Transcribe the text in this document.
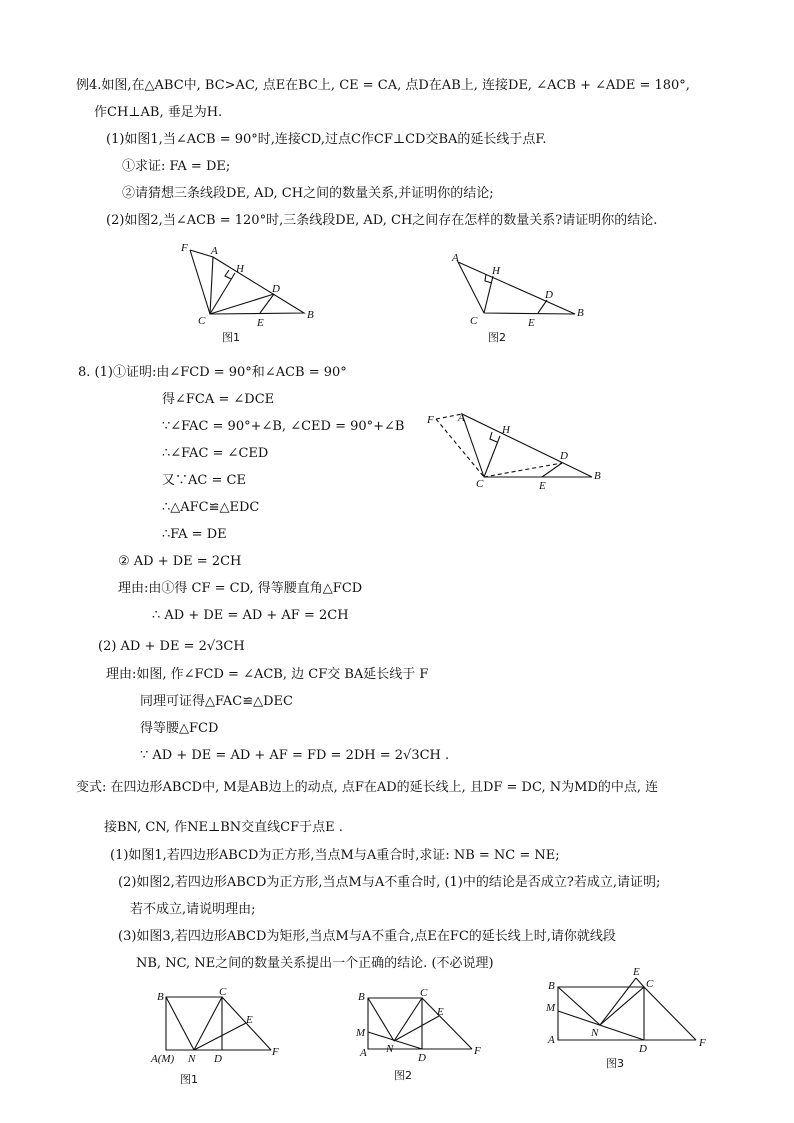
例4.如图,在△ABC中, BC>AC, 点E在BC上, CE = CA, 点D在AB上, 连接DE, ∠ACB + ∠ADE = 180°,
作CH⊥AB, 垂足为H.
(1)如图1,当∠ACB = 90°时,连接CD,过点C作CF⊥CD交BA的延长线于点F.
①求证: FA = DE;
②请猜想三条线段DE, AD, CH之间的数量关系,并证明你的结论;
(2)如图2,当∠ACB = 120°时,三条线段DE, AD, CH之间存在怎样的数量关系?请证明你的结论.
F A
H
D
C	E
B
图1
A
H
D
C	E
B
图2
8. (1)①证明:由∠FCD = 90°和∠ACB = 90°
得∠FCA = ∠DCE
∵∠FAC = 90°+∠B, ∠CED = 90°+∠B
∴∠FAC = ∠CED
又∵AC = CE
∴△AFC≌△EDC
∴FA = DE
② AD + DE = 2CH
理由:由①得 CF = CD, 得等腰直角△FCD
∴ AD + DE = AD + AF = 2CH
(2) AD + DE = 2√3CH
理由:如图, 作∠FCD = ∠ACB, 边 CF交 BA延长线于 F
同理可证得△FAC≌△DEC
得等腰△FCD
∵ AD + DE = AD + AF = FD = 2DH = 2√3CH .
F A
H
D
C	E
B
变式: 在四边形ABCD中, M是AB边上的动点, 点F在AD的延长线上, 且DF = DC, N为MD的中点, 连
接BN, CN, 作NE⊥BN交直线CF于点E .
(1)如图1,若四边形ABCD为正方形,当点M与A重合时,求证: NB = NC = NE;
(2)如图2,若四边形ABCD为正方形,当点M与A不重合时, (1)中的结论是否成立?若成立,请证明;
若不成立,请说明理由;
(3)如图3,若四边形ABCD为矩形,当点M与A不重合,点E在FC的延长线上时,请你就线段
NB, NC, NE之间的数量关系提出一个正确的结论. (不必说理)
B	C
E
A(M) N D
F
图1
B	C
E
M
A N
D
F
图2
E
B	C
M
N
A
D	F
图3
